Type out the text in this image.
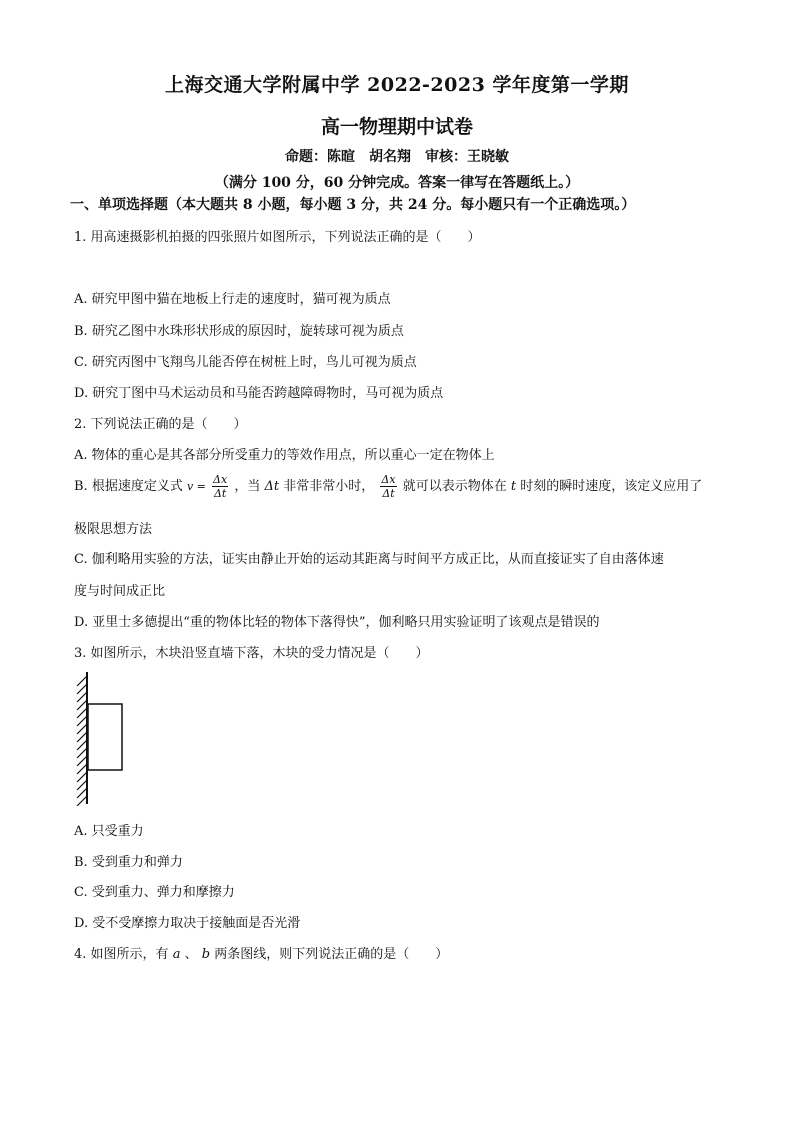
上海交通大学附属中学 2022-2023 学年度第一学期
高一物理期中试卷
命题：陈暄　胡名翔　审核：王晓敏
（满分 100 分，60 分钟完成。答案一律写在答题纸上。）
一、单项选择题（本大题共 8 小题，每小题 3 分，共 24 分。每小题只有一个正确选项。）
1. 用高速摄影机拍摄的四张照片如图所示，下列说法正确的是（　　）
A. 研究甲图中猫在地板上行走的速度时，猫可视为质点
B. 研究乙图中水珠形状形成的原因时，旋转球可视为质点
C. 研究丙图中飞翔鸟儿能否停在树桩上时，鸟儿可视为质点
D. 研究丁图中马术运动员和马能否跨越障碍物时，马可视为质点
2. 下列说法正确的是（　　）
A. 物体的重心是其各部分所受重力的等效作用点，所以重心一定在物体上
B. 根据速度定义式 $v = \frac{\Delta x}{\Delta t}$ ，当 Δt 非常非常小时， $\frac{\Delta x}{\Delta t}$ 就可以表示物体在 t 时刻的瞬时速度，该定义应用了
极限思想方法
C. 伽利略用实验的方法，证实由静止开始的运动其距离与时间平方成正比，从而直接证实了自由落体速
度与时间成正比
D. 亚里士多德提出“重的物体比轻的物体下落得快”，伽利略只用实验证明了该观点是错误的
3. 如图所示，木块沿竖直墙下落，木块的受力情况是（　　）
A. 只受重力
B. 受到重力和弹力
C. 受到重力、弹力和摩擦力
D. 受不受摩擦力取决于接触面是否光滑
4. 如图所示，有 a 、 b 两条图线，则下列说法正确的是（　　）
